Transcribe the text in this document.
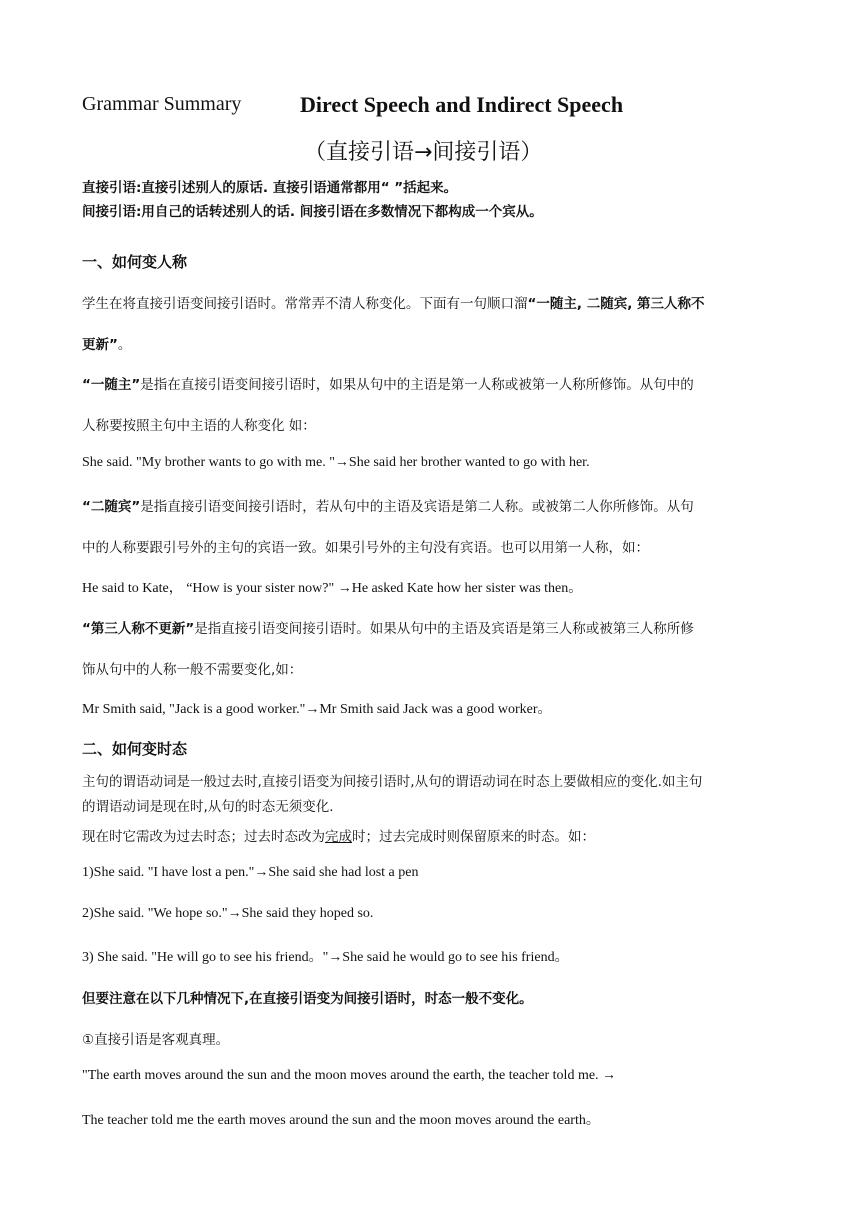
Grammar Summary	Direct Speech and Indirect Speech
（直接引语→间接引语）
直接引语:直接引述别人的原话. 直接引语通常都用“ ”括起来。
间接引语:用自己的话转述别人的话. 间接引语在多数情况下都构成一个宾从。
一、如何变人称
学生在将直接引语变间接引语时。常常弄不清人称变化。下面有一句顺口溜“一随主, 二随宾, 第三人称不
更新”。
“一随主”是指在直接引语变间接引语时，如果从句中的主语是第一人称或被第一人称所修饰。从句中的
人称要按照主句中主语的人称变化 如：
She said. "My brother wants to go with me. "→She said her brother wanted to go with her.
“二随宾”是指直接引语变间接引语时，若从句中的主语及宾语是第二人称。或被第二人你所修饰。从句
中的人称要跟引号外的主句的宾语一致。如果引号外的主句没有宾语。也可以用第一人称，如：
He said to Kate， “How is your sister now?" →He asked Kate how her sister was then。
“第三人称不更新”是指直接引语变间接引语时。如果从句中的主语及宾语是第三人称或被第三人称所修
饰从句中的人称一般不需要变化,如：
Mr Smith said, "Jack is a good worker."→Mr Smith said Jack was a good worker。
二、如何变时态
主句的谓语动词是一般过去时,直接引语变为间接引语时,从句的谓语动词在时态上要做相应的变化.如主句
的谓语动词是现在时,从句的时态无须变化.
现在时它需改为过去时态；过去时态改为完成时；过去完成时则保留原来的时态。如：
1)She said. "I have lost a pen."→She said she had lost a pen
2)She said. "We hope so."→She said they hoped so.
3) She said. "He will go to see his friend。"→She said he would go to see his friend。
但要注意在以下几种情况下,在直接引语变为间接引语时，时态一般不变化。
①直接引语是客观真理。
"The earth moves around the sun and the moon moves around the earth, the teacher told me. →
The teacher told me the earth moves around the sun and the moon moves around the earth。
